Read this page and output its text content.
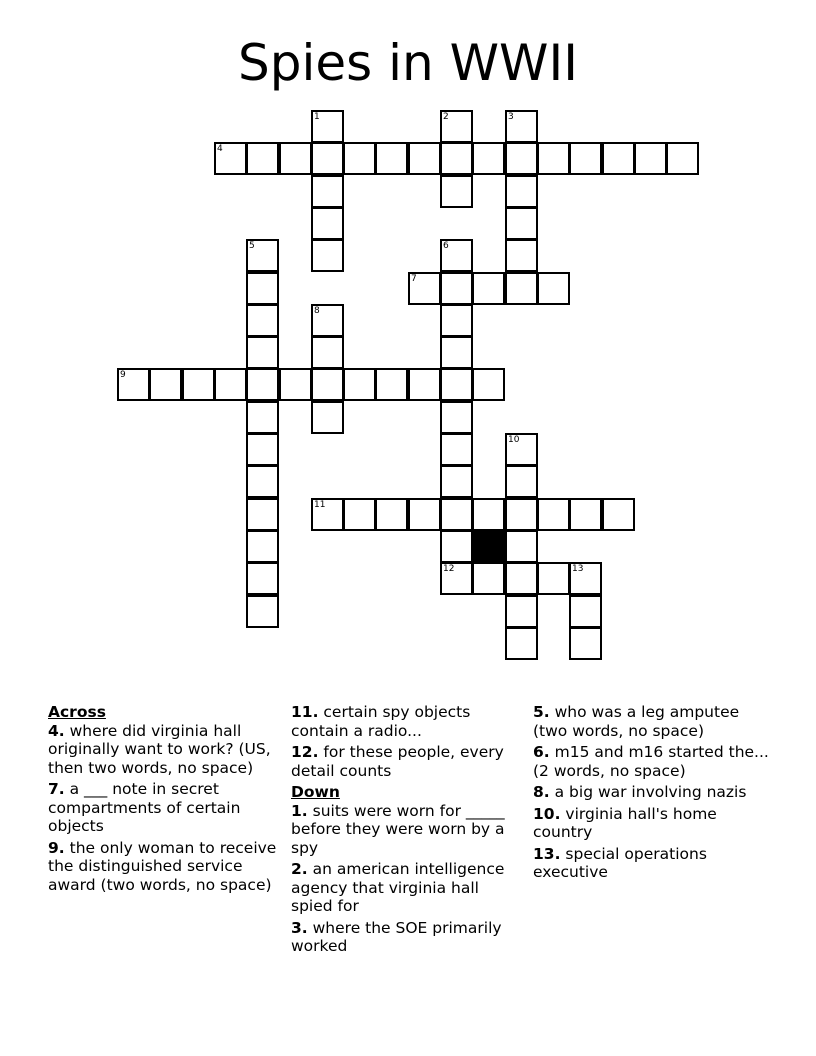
Spies in WWII
4
7
9
11
12	13
1	2	3
5	6
8
10
Across
4. where did virginia hall originally want to work? (US, then two words, no space)
7. a ___ note in secret compartments of certain objects
9. the only woman to receive the distinguished service award (two words, no space)
11. certain spy objects contain a radio...
12. for these people, every detail counts
Down
1. suits were worn for _____ before they were worn by a spy
2. an american intelligence agency that virginia hall spied for
3. where the SOE primarily worked
5. who was a leg amputee (two words, no space)
6. m15 and m16 started the...(2 words, no space)
8. a big war involving nazis
10. virginia hall's home country
13. special operations executive
